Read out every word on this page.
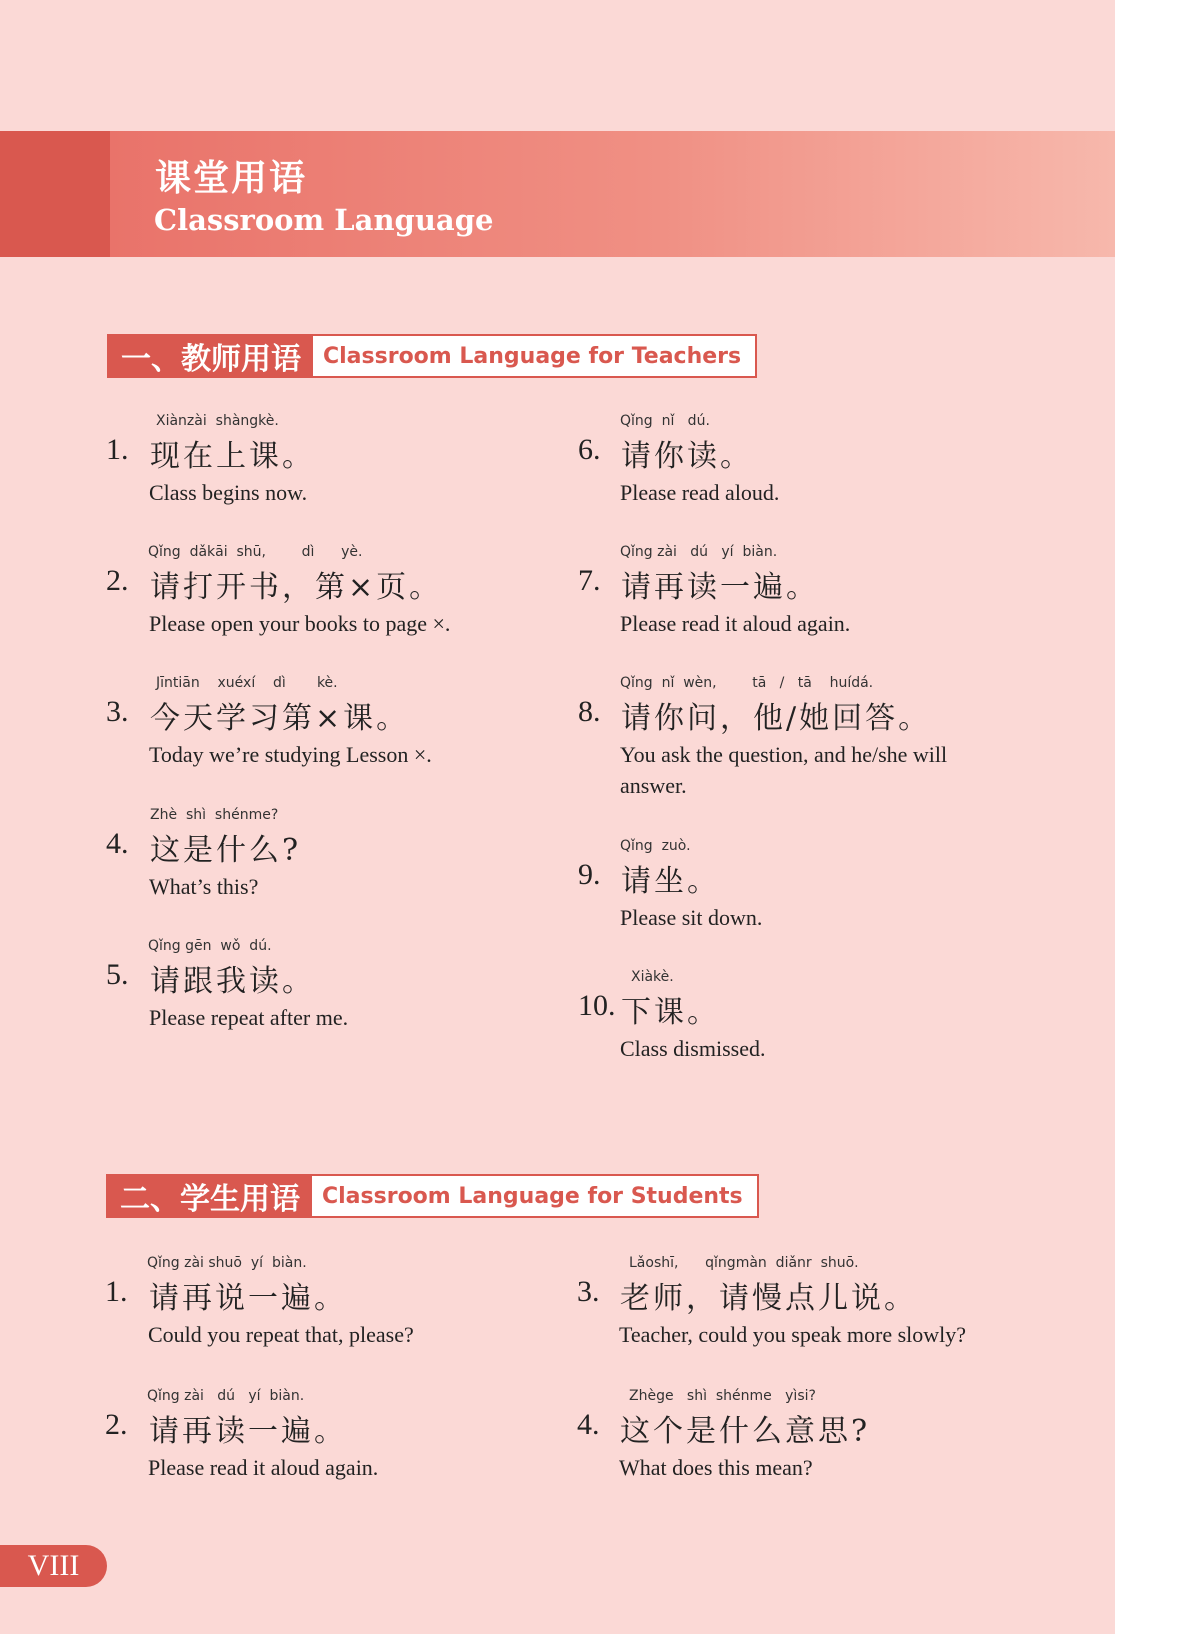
课堂用语
Classroom Language
一、教师用语	Classroom Language for Teachers
Xiànzài  shàngkè.
1. 现在上课。
Class begins now.
Qǐng  dǎkāi  shū,        dì      yè.
2. 请打开书，第×页。
Please open your books to page ×.
Jīntiān    xuéxí    dì       kè.
3. 今天学习第×课。
Today we’re studying Lesson ×.
Zhè  shì  shénme?
4. 这是什么?
What’s this?
Qǐng gēn  wǒ  dú.
5. 请跟我读。
Please repeat after me.
Qǐng  nǐ   dú.
6. 请你读。
Please read aloud.
Qǐng zài   dú   yí  biàn.
7. 请再读一遍。
Please read it aloud again.
Qǐng  nǐ  wèn,        tā   /   tā    huídá.
8. 请你问，他/她回答。
You ask the question, and he/she will answer.
Qǐng  zuò.
9. 请坐。
Please sit down.
Xiàkè.
10. 下课。
Class dismissed.
二、学生用语	Classroom Language for Students
Qǐng zài shuō  yí  biàn.
1. 请再说一遍。
Could you repeat that, please?
Qǐng zài   dú   yí  biàn.
2. 请再读一遍。
Please read it aloud again.
Lǎoshī,      qǐngmàn  diǎnr  shuō.
3. 老师，请慢点儿说。
Teacher, could you speak more slowly?
Zhège   shì  shénme   yìsi?
4. 这个是什么意思?
What does this mean?
VIII
